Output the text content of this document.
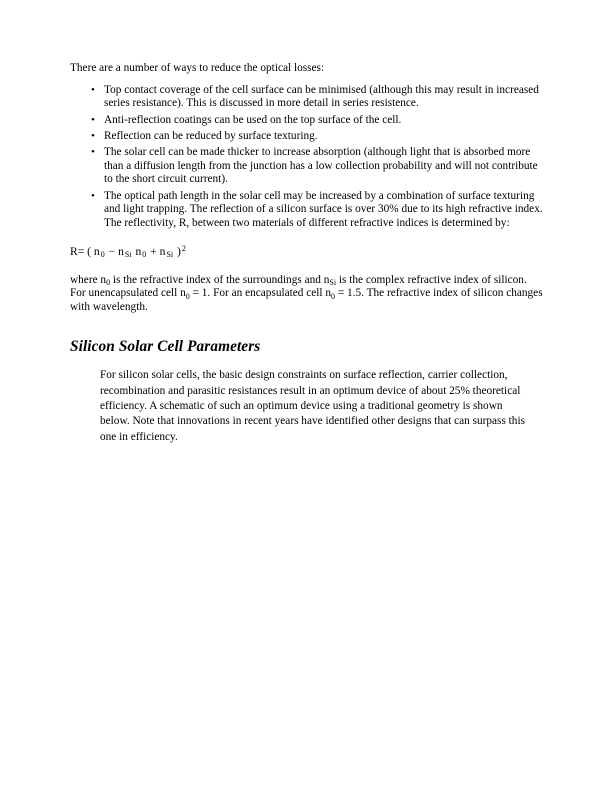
There are a number of ways to reduce the optical losses:

• Top contact coverage of the cell surface can be minimised (although this may result in increased series resistance). This is discussed in more detail in series resistence.
• Anti-reflection coatings can be used on the top surface of the cell.
• Reflection can be reduced by surface texturing.
• The solar cell can be made thicker to increase absorption (although light that is absorbed more than a diffusion length from the junction has a low collection probability and will not contribute to the short circuit current).
• The optical path length in the solar cell may be increased by a combination of surface texturing and light trapping. The reflection of a silicon surface is over 30% due to its high refractive index. The reflectivity, R, between two materials of different refractive indices is determined by:

R= ( $n_0 - n_{Si}$ $n_0 + n_{Si}$ )$^2$

where $n_0$ is the refractive index of the surroundings and $n_{Si}$ is the complex refractive index of silicon. For unencapsulated cell $n_0 = 1$. For an encapsulated cell $n_0 = 1.5$. The refractive index of silicon changes with wavelength.

Silicon Solar Cell Parameters

For silicon solar cells, the basic design constraints on surface reflection, carrier collection, recombination and parasitic resistances result in an optimum device of about 25% theoretical efficiency. A schematic of such an optimum device using a traditional geometry is shown below. Note that innovations in recent years have identified other designs that can surpass this one in efficiency.
